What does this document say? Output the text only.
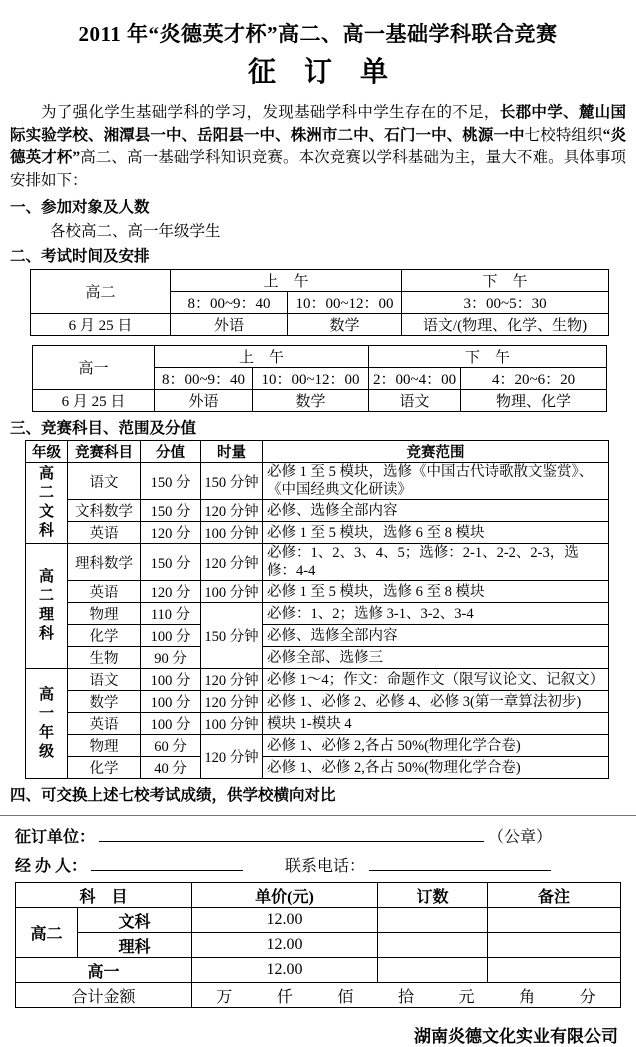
2011 年“炎德英才杯”高二、高一基础学科联合竞赛
征　订　单

为了强化学生基础学科的学习，发现基础学科中学生存在的不足，长郡中学、麓山国际实验学校、湘潭县一中、岳阳县一中、株洲市二中、石门一中、桃源一中七校特组织“炎德英才杯”高二、高一基础学科知识竞赛。本次竞赛以学科基础为主，量大不难。具体事项安排如下：

一、参加对象及人数
各校高二、高一年级学生
二、考试时间及安排
高二	上　午		下　午
	8：00~9：40	10：00~12：00	3：00~5：30
6 月 25 日	外语	数学	语文/(物理、化学、生物)
高一	上　午		下　午	
	8：00~9：40	10：00~12：00	2：00~4：00	4：20~6：20
6 月 25 日	外语	数学	语文	物理、化学
三、竞赛科目、范围及分值
年级	竞赛科目	分值	时量	竞赛范围

高二文科	语文	150 分	150 分钟	必修 1 至 5 模块，选修《中国古代诗歌散文鉴赏》、《中国经典文化研读》
	文科数学	150 分	120 分钟	必修、选修全部内容
	英语	120 分	100 分钟	必修 1 至 5 模块，选修 6 至 8 模块

高二理科	理科数学	150 分	120 分钟	必修：1、2、3、4、5；选修：2-1、2-2、2-3，选修：4-4
	英语	120 分	100 分钟	必修 1 至 5 模块，选修 6 至 8 模块
	物理	110 分	150 分钟	必修：1、2；选修 3-1、3-2、3-4
	化学	100 分		必修、选修全部内容
	生物	90 分		必修全部、选修三

高一年级	语文	100 分	120 分钟	必修 1～4；作文：命题作文（限写议论文、记叙文）
	数学	100 分	120 分钟	必修 1、必修 2、必修 4、必修 3(第一章算法初步)
	英语	100 分	100 分钟	模块 1-模块 4
	物理	60 分	120 分钟	必修 1、必修 2,各占 50%(物理化学合卷)
	化学	40 分		必修 1、必修 2,各占 50%(物理化学合卷)
四、可交换上述七校考试成绩，供学校横向对比
征订单位：	（公章）
经 办 人：	联系电话：
科　目		单价(元)	订数	备注
高二	文科	12.00		
	理科	12.00		
高一		12.00		
合计金额	万	仟	佰	拾	元	角	分
湖南炎德文化实业有限公司
